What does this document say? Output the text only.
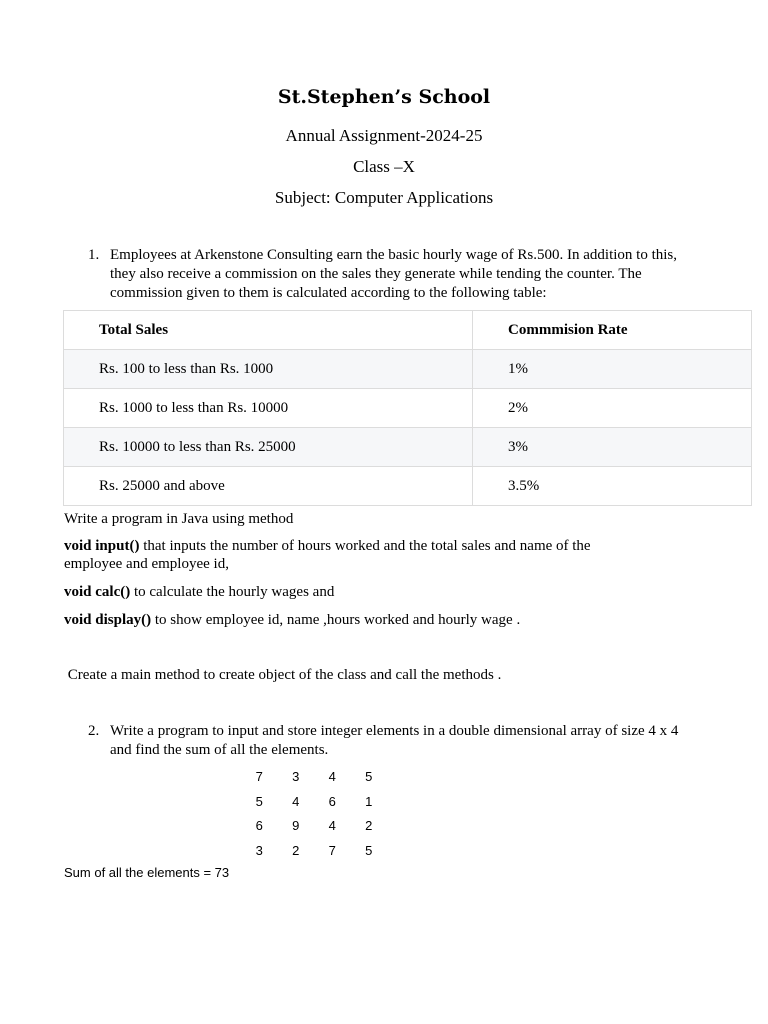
St.Stephen’s School
Annual Assignment-2024-25
Class –X
Subject: Computer Applications
1. Employees at Arkenstone Consulting earn the basic hourly wage of Rs.500. In addition to this, they also receive a commission on the sales they generate while tending the counter. The commission given to them is calculated according to the following table:
Total Sales	Commmision Rate
Rs. 100 to less than Rs. 1000	1%
Rs. 1000 to less than Rs. 10000	2%
Rs. 10000 to less than Rs. 25000	3%
Rs. 25000 and above	3.5%
Write a program in Java using method
void input() that inputs the number of hours worked and the total sales and name of the employee and employee id,
void calc() to calculate the hourly wages and
void display() to show employee id, name ,hours worked and hourly wage .
Create a main method to create object of the class and call the methods .
2. Write a program to input and store integer elements in a double dimensional array of size 4 x 4 and find the sum of all the elements.
7	3	4	5
5	4	6	1
6	9	4	2
3	2	7	5
Sum of all the elements = 73
